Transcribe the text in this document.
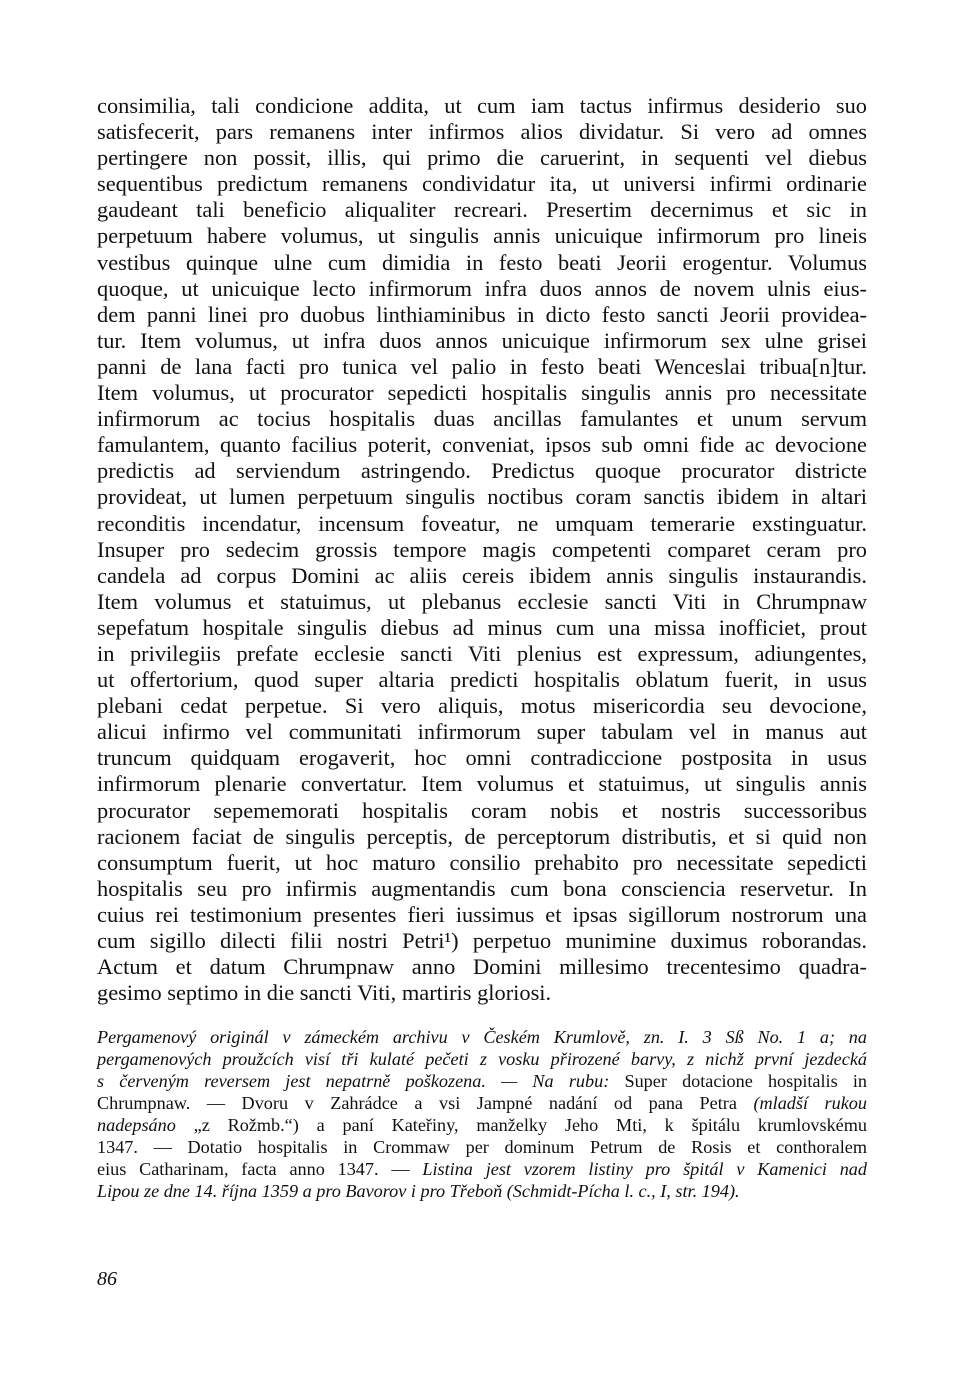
consimilia, tali condicione addita, ut cum iam tactus infirmus desiderio suo
satisfecerit, pars remanens inter infirmos alios dividatur. Si vero ad omnes
pertingere non possit, illis, qui primo die caruerint, in sequenti vel diebus
sequentibus predictum remanens condividatur ita, ut universi infirmi ordinarie
gaudeant tali beneficio aliqualiter recreari. Presertim decernimus et sic in
perpetuum habere volumus, ut singulis annis unicuique infirmorum pro lineis
vestibus quinque ulne cum dimidia in festo beati Jeorii erogentur. Volumus
quoque, ut unicuique lecto infirmorum infra duos annos de novem ulnis eius-
dem panni linei pro duobus linthiaminibus in dicto festo sancti Jeorii providea-
tur. Item volumus, ut infra duos annos unicuique infirmorum sex ulne grisei
panni de lana facti pro tunica vel palio in festo beati Wenceslai tribua[n]tur.
Item volumus, ut procurator sepedicti hospitalis singulis annis pro necessitate
infirmorum ac tocius hospitalis duas ancillas famulantes et unum servum
famulantem, quanto facilius poterit, conveniat, ipsos sub omni fide ac devocione
predictis ad serviendum astringendo. Predictus quoque procurator districte
provideat, ut lumen perpetuum singulis noctibus coram sanctis ibidem in altari
reconditis incendatur, incensum foveatur, ne umquam temerarie exstinguatur.
Insuper pro sedecim grossis tempore magis competenti comparet ceram pro
candela ad corpus Domini ac aliis cereis ibidem annis singulis instaurandis.
Item volumus et statuimus, ut plebanus ecclesie sancti Viti in Chrumpnaw
sepefatum hospitale singulis diebus ad minus cum una missa inofficiet, prout
in privilegiis prefate ecclesie sancti Viti plenius est expressum, adiungentes,
ut offertorium, quod super altaria predicti hospitalis oblatum fuerit, in usus
plebani cedat perpetue. Si vero aliquis, motus misericordia seu devocione,
alicui infirmo vel communitati infirmorum super tabulam vel in manus aut
truncum quidquam erogaverit, hoc omni contradiccione postposita in usus
infirmorum plenarie convertatur. Item volumus et statuimus, ut singulis annis
procurator sepememorati hospitalis coram nobis et nostris successoribus
racionem faciat de singulis perceptis, de perceptorum distributis, et si quid non
consumptum fuerit, ut hoc maturo consilio prehabito pro necessitate sepedicti
hospitalis seu pro infirmis augmentandis cum bona consciencia reservetur. In
cuius rei testimonium presentes fieri iussimus et ipsas sigillorum nostrorum una
cum sigillo dilecti filii nostri Petri¹) perpetuo munimine duximus roborandas.
Actum et datum Chrumpnaw anno Domini millesimo trecentesimo quadra-
gesimo septimo in die sancti Viti, martiris gloriosi.
Pergamenový originál v zámeckém archivu v Českém Krumlově, zn. I. 3 Sß No. 1 a; na
pergamenových proužcích visí tři kulaté pečeti z vosku přirozené barvy, z nichž první jezdecká
s červeným reversem jest nepatrně poškozena. — Na rubu: Super dotacione hospitalis in
Chrumpnaw. — Dvoru v Zahrádce a vsi Jampné nadání od pana Petra (mladší rukou
nadepsáno „z Rožmb.“) a paní Kateřiny, manželky Jeho Mti, k špitálu krumlovskému
1347. — Dotatio hospitalis in Crommaw per dominum Petrum de Rosis et conthoralem
eius Catharinam, facta anno 1347. — Listina jest vzorem listiny pro špitál v Kamenici nad
Lipou ze dne 14. října 1359 a pro Bavorov i pro Třeboň (Schmidt-Pícha l. c., I, str. 194).
86
